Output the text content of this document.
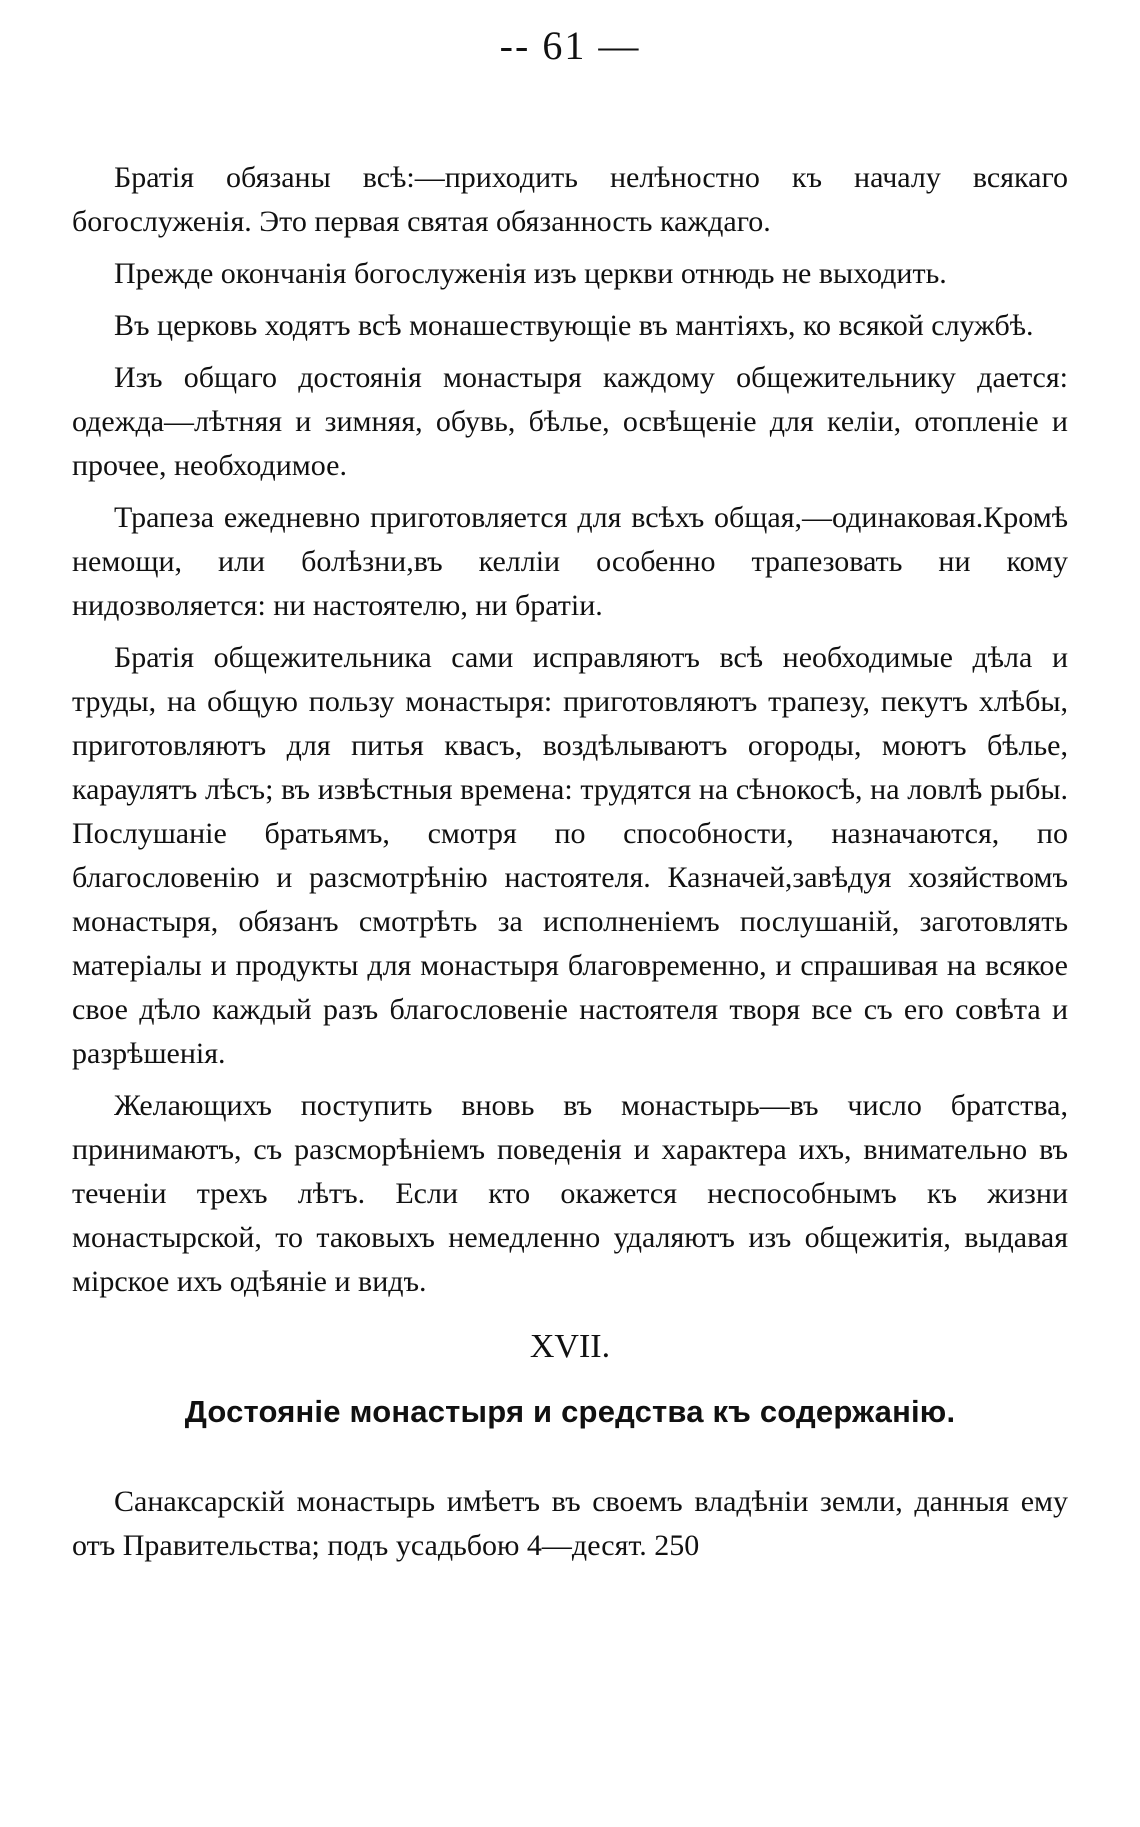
-- 61 —

Братія обязаны всѣ:—приходить нелѣностно къ началу всякаго богослуженія. Это первая святая обязанность каждаго.

Прежде окончанія богослуженія изъ церкви отнюдь не выходить.

Въ церковь ходятъ всѣ монашествующіе въ мантіяхъ, ко всякой службѣ.

Изъ общаго достоянія монастыря каждому общежительнику дается: одежда—лѣтняя и зимняя, обувь, бѣлье, освѣщеніе для келіи, отопленіе и прочее, необходимое.

Трапеза ежедневно приготовляется для всѣхъ общая,—одинаковая.Кромѣ немощи, или болѣзни,въ келліи особенно трапезовать ни кому нидозволяется: ни настоятелю, ни братіи.

Братія общежительника сами исправляютъ всѣ необходимые дѣла и труды, на общую пользу монастыря: приготовляютъ трапезу, пекутъ хлѣбы, приготовляютъ для питья квасъ, воздѣлываютъ огороды, моютъ бѣлье, караулятъ лѣсъ; въ извѣстныя времена: трудятся на сѣнокосѣ, на ловлѣ рыбы. Послушаніе братьямъ, смотря по способности, назначаются, по благословенію и разсмотрѣнію настоятеля. Казначей,завѣдуя хозяйствомъ монастыря, обязанъ смотрѣть за исполненіемъ послушаній, заготовлять матеріалы и продукты для монастыря благовременно, и спрашивая на всякое свое дѣло каждый разъ благословеніе настоятеля творя все съ его совѣта и разрѣшенія.

Желающихъ поступить вновь въ монастырь—въ число братства, принимаютъ, съ разсморѣніемъ поведенія и характера ихъ, внимательно въ теченіи трехъ лѣтъ. Если кто окажется неспособнымъ къ жизни монастырской, то таковыхъ немедленно удаляютъ изъ общежитія, выдавая мірское ихъ одѣяніе и видъ.

XVII.
Достояніе монастыря и средства къ содержанію.

Санаксарскій монастырь имѣетъ въ своемъ владѣніи земли, данныя ему отъ Правительства; подъ усадьбою 4—десят. 250
